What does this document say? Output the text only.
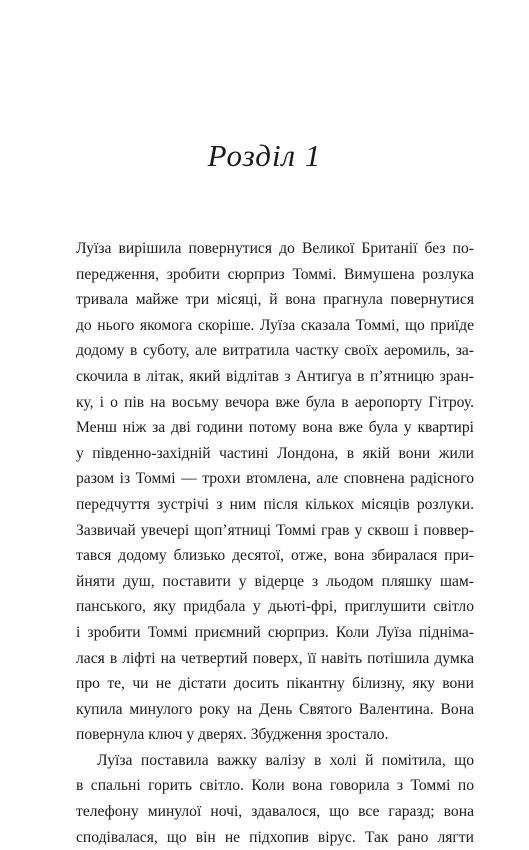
Розділ 1
Луїза вирішила повернутися до Великої Британії без по-
передження, зробити сюрприз Томмі. Вимушена розлука
тривала майже три місяці, й вона прагнула повернутися
до нього якомога скоріше. Луїза сказала Томмі, що приїде
додому в суботу, але витратила частку своїх аеромиль, за-
скочила в літак, який відлітав з Антигуа в п’ятницю зран-
ку, і о пів на восьму вечора вже була в аеропорту Гітроу.
Менш ніж за дві години потому вона вже була у квартирі
у південно-західній частині Лондона, в якій вони жили
разом із Томмі — трохи втомлена, але сповнена радісного
передчуття зустрічі з ним після кількох місяців розлуки.
Зазвичай увечері щоп’ятниці Томмі грав у сквош і поввер-
тався додому близько десятої, отже, вона збиралася при-
йняти душ, поставити у відерце з льодом пляшку шам-
панського, яку придбала у дьюті-фрі, приглушити світло
і зробити Томмі приємний сюрприз. Коли Луїза підніма-
лася в ліфті на четвертий поверх, її навіть потішила думка
про те, чи не дістати досить пікантну білизну, яку вони
купила минулого року на День Святого Валентина. Вона
повернула ключ у дверях. Збудження зростало.
Луїза поставила важку валізу в холі й помітила, що
в спальні горить світло. Коли вона говорила з Томмі по
телефону минулої ночі, здавалося, що все гаразд; вона
сподівалася, що він не підхопив вірус. Так рано лягти
